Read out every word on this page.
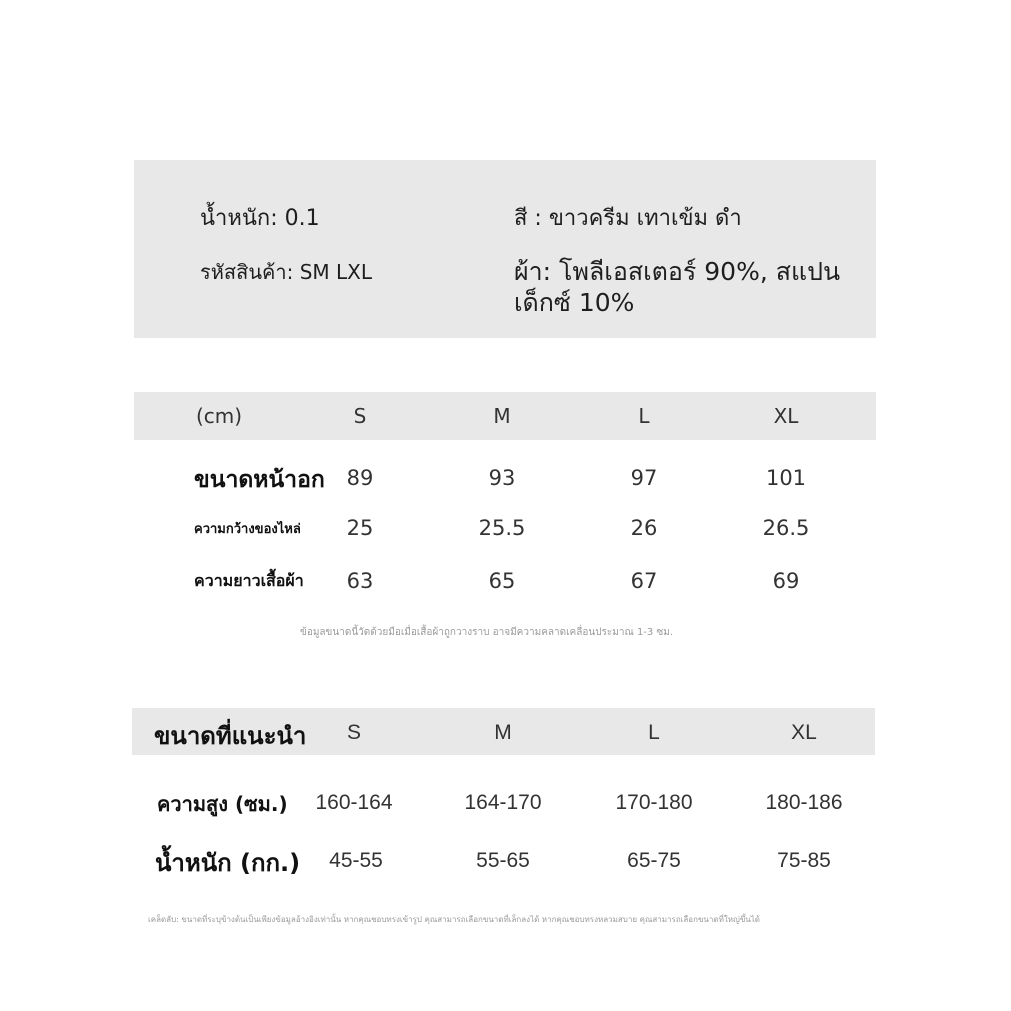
น้ำหนัก: 0.1
รหัสสินค้า: SM LXL
สี : ขาวครีม เทาเข้ม ดำ
ผ้า: โพลีเอสเตอร์ 90%, สแปนเด็กซ์ 10%
(cm)	S	M	L	XL
ขนาดหน้าอก 89	93	97	101
ความกว้างของไหล่ 25	25.5	26	26.5
ความยาวเสื้อผ้า 63	65	67	69
ข้อมูลขนาดนี้วัดด้วยมือเมื่อเสื้อผ้าถูกวางราบ อาจมีความคลาดเคลื่อนประมาณ 1-3 ซม.
ขนาดที่แนะนำ S	M	L	XL
ความสูง (ซม.) 160-164	164-170	170-180	180-186
น้ำหนัก (กก.) 45-55	55-65	65-75	75-85
เคล็ดลับ: ขนาดที่ระบุข้างต้นเป็นเพียงข้อมูลอ้างอิงเท่านั้น หากคุณชอบทรงเข้ารูป คุณสามารถเลือกขนาดที่เล็กลงได้ หากคุณชอบทรงหลวมสบาย คุณสามารถเลือกขนาดที่ใหญ่ขึ้นได้
